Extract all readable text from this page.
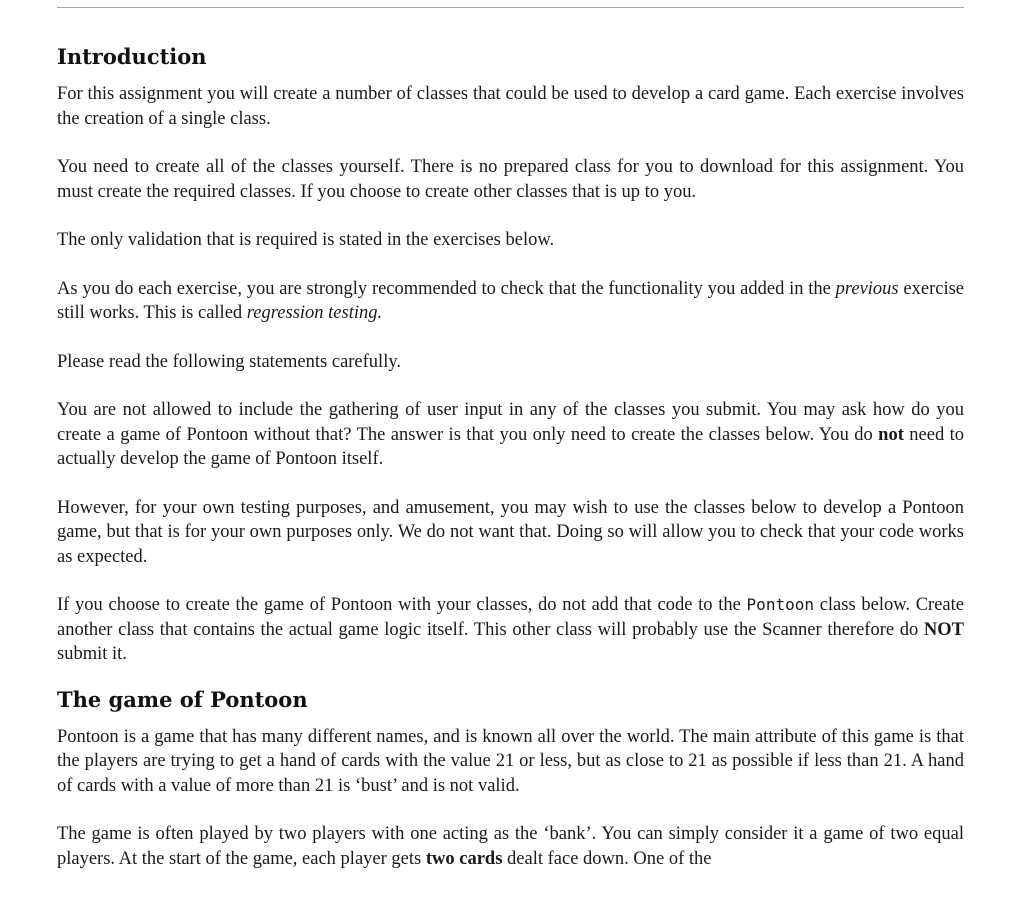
Introduction

For this assignment you will create a number of classes that could be used to develop a card game. Each exercise involves the creation of a single class.

You need to create all of the classes yourself. There is no prepared class for you to download for this assignment. You must create the required classes. If you choose to create other classes that is up to you.

The only validation that is required is stated in the exercises below.

As you do each exercise, you are strongly recommended to check that the functionality you added in the previous exercise still works. This is called regression testing.

Please read the following statements carefully.

You are not allowed to include the gathering of user input in any of the classes you submit. You may ask how do you create a game of Pontoon without that? The answer is that you only need to create the classes below. You do not need to actually develop the game of Pontoon itself.

However, for your own testing purposes, and amusement, you may wish to use the classes below to develop a Pontoon game, but that is for your own purposes only. We do not want that. Doing so will allow you to check that your code works as expected.

If you choose to create the game of Pontoon with your classes, do not add that code to the Pontoon class below. Create another class that contains the actual game logic itself. This other class will probably use the Scanner therefore do NOT submit it.

The game of Pontoon

Pontoon is a game that has many different names, and is known all over the world. The main attribute of this game is that the players are trying to get a hand of cards with the value 21 or less, but as close to 21 as possible if less than 21. A hand of cards with a value of more than 21 is ‘bust’ and is not valid.

The game is often played by two players with one acting as the ‘bank’. You can simply consider it a game of two equal players. At the start of the game, each player gets two cards dealt face down. One of the
